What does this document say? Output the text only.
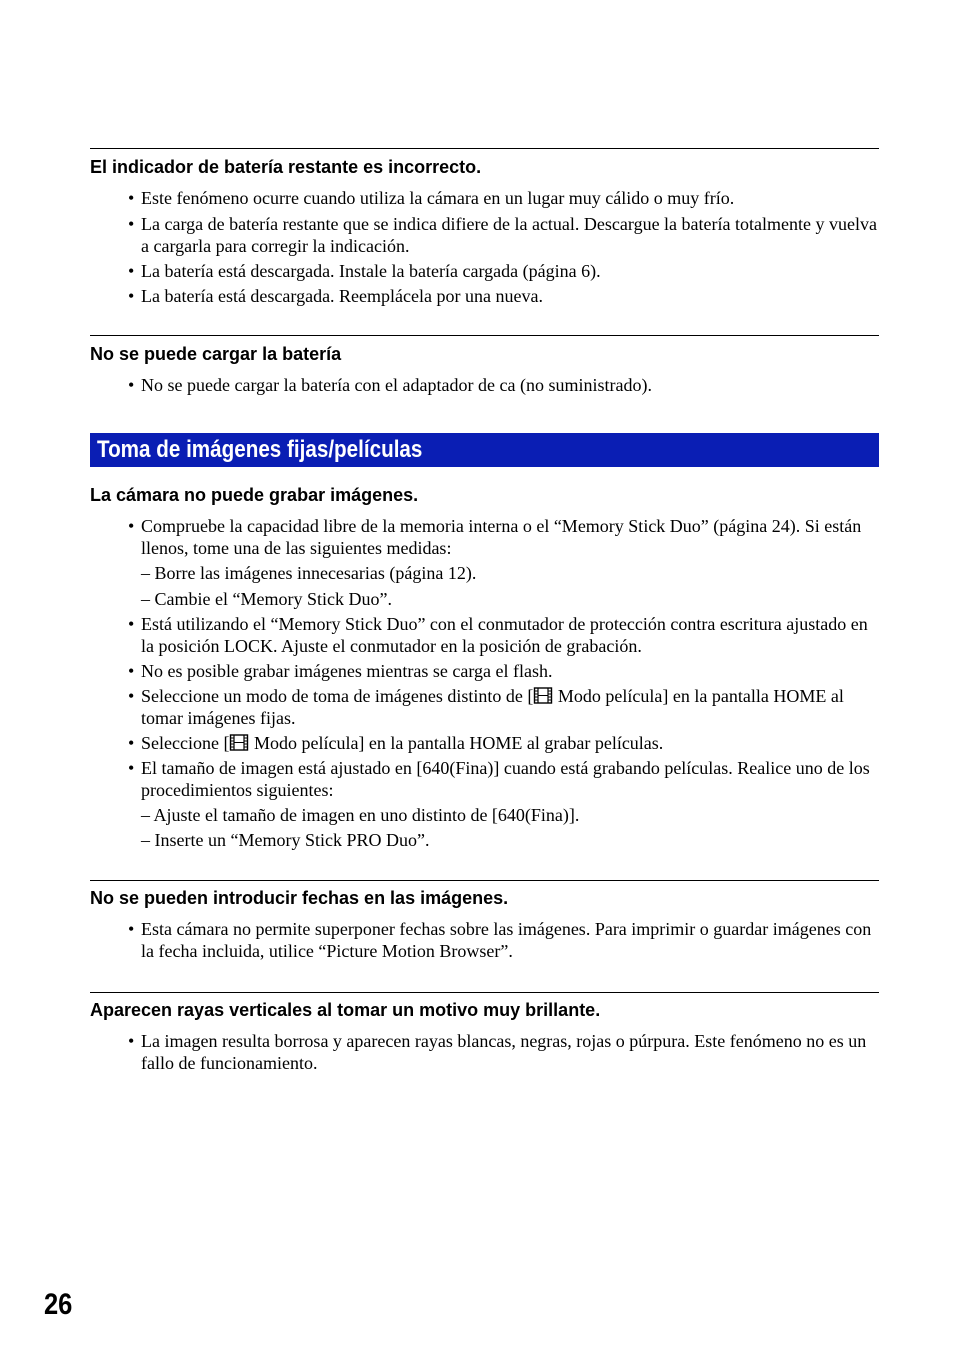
El indicador de batería restante es incorrecto.
• Este fenómeno ocurre cuando utiliza la cámara en un lugar muy cálido o muy frío.
• La carga de batería restante que se indica difiere de la actual. Descargue la batería totalmente y vuelva a cargarla para corregir la indicación.
• La batería está descargada. Instale la batería cargada (página 6).
• La batería está descargada. Reemplácela por una nueva.
No se puede cargar la batería
• No se puede cargar la batería con el adaptador de ca (no suministrado).
Toma de imágenes fijas/películas
La cámara no puede grabar imágenes.
• Compruebe la capacidad libre de la memoria interna o el “Memory Stick Duo” (página 24). Si están llenos, tome una de las siguientes medidas:
– Borre las imágenes innecesarias (página 12).
– Cambie el “Memory Stick Duo”.
• Está utilizando el “Memory Stick Duo” con el conmutador de protección contra escritura ajustado en la posición LOCK. Ajuste el conmutador en la posición de grabación.
• No es posible grabar imágenes mientras se carga el flash.
• Seleccione un modo de toma de imágenes distinto de [ Modo película] en la pantalla HOME al tomar imágenes fijas.
• Seleccione [ Modo película] en la pantalla HOME al grabar películas.
• El tamaño de imagen está ajustado en [640(Fina)] cuando está grabando películas. Realice uno de los procedimientos siguientes:
– Ajuste el tamaño de imagen en uno distinto de [640(Fina)].
– Inserte un “Memory Stick PRO Duo”.
No se pueden introducir fechas en las imágenes.
• Esta cámara no permite superponer fechas sobre las imágenes. Para imprimir o guardar imágenes con la fecha incluida, utilice “Picture Motion Browser”.
Aparecen rayas verticales al tomar un motivo muy brillante.
• La imagen resulta borrosa y aparecen rayas blancas, negras, rojas o púrpura. Este fenómeno no es un fallo de funcionamiento.
26
